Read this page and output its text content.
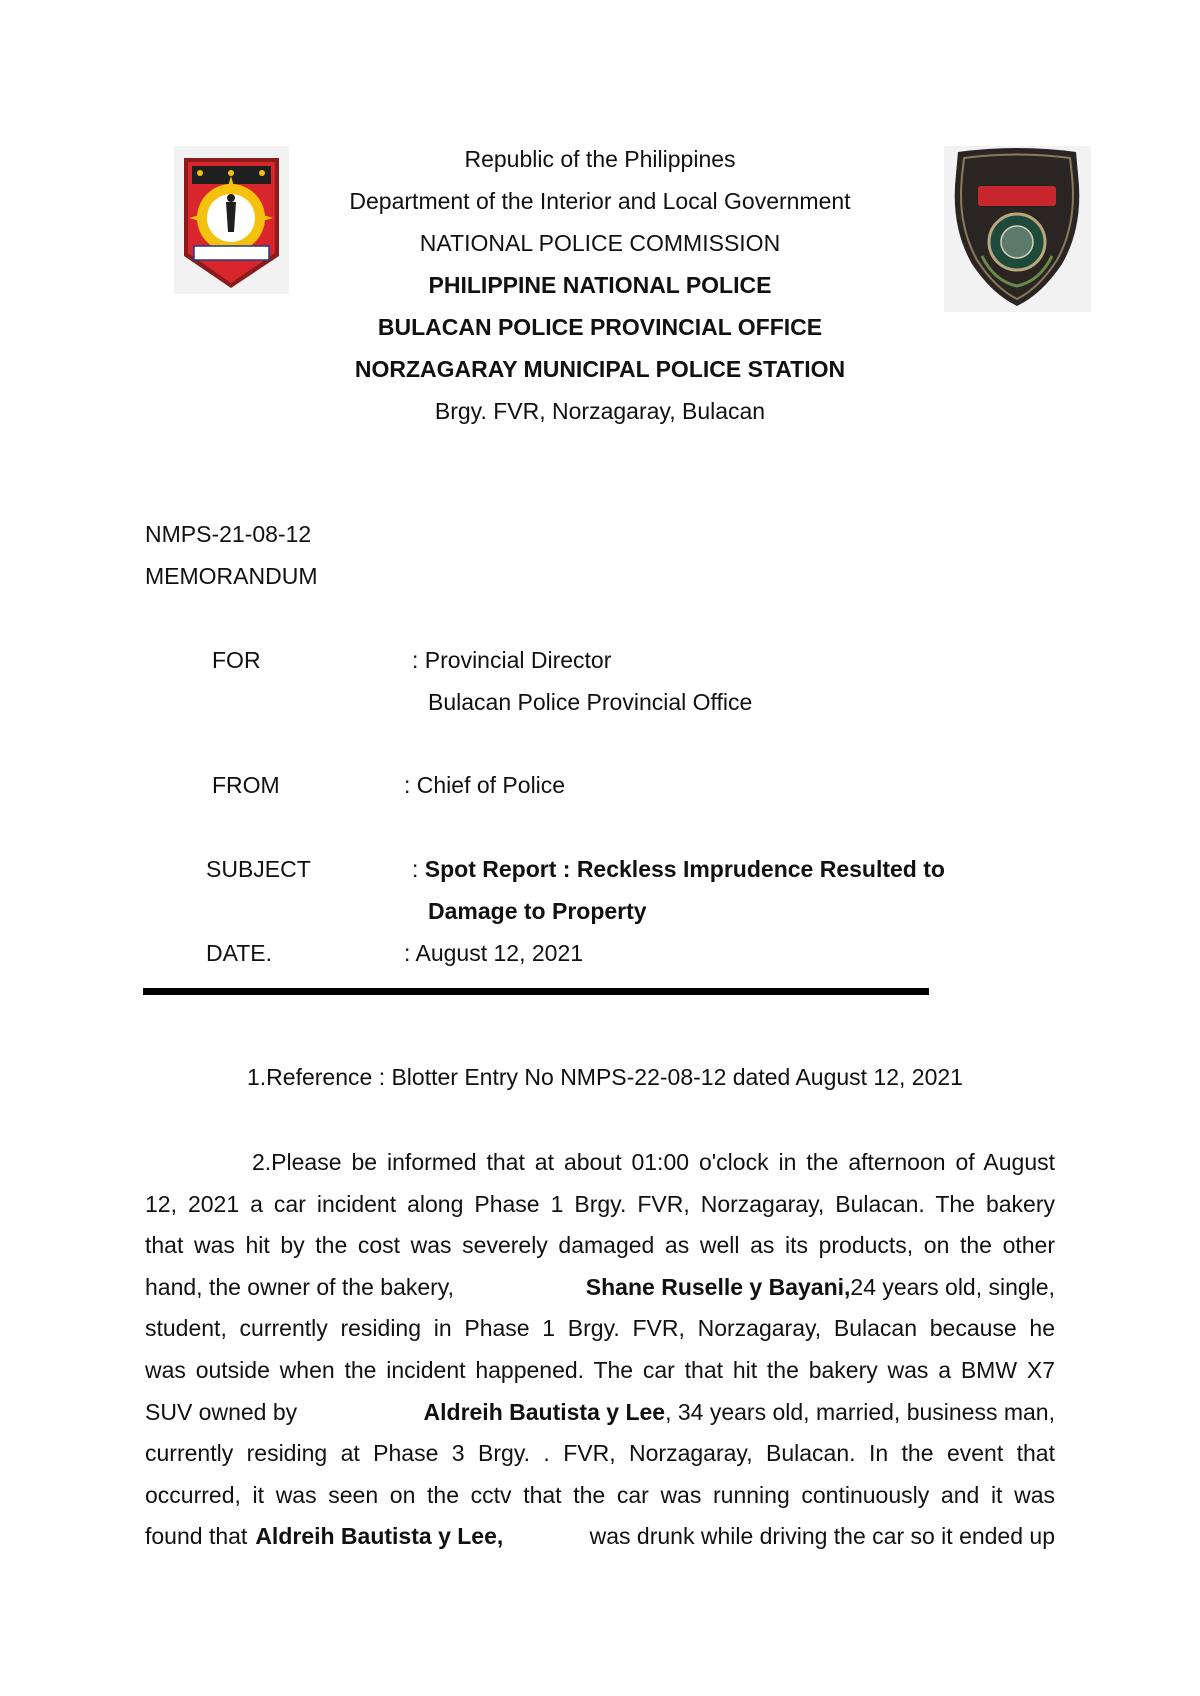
Republic of the Philippines
Department of the Interior and Local Government
NATIONAL POLICE COMMISSION
PHILIPPINE NATIONAL POLICE
BULACAN POLICE PROVINCIAL OFFICE
NORZAGARAY MUNICIPAL POLICE STATION
Brgy. FVR, Norzagaray, Bulacan
NMPS-21-08-12
MEMORANDUM
FOR	: Provincial Director
Bulacan Police Provincial Office
FROM	: Chief of Police
SUBJECT	: Spot Report : Reckless Imprudence Resulted to
Damage to Property
DATE.	: August 12, 2021
1.Reference : Blotter Entry No NMPS-22-08-12 dated August 12, 2021
2.Please be informed that at about 01:00 o'clock in the afternoon of August
12, 2021 a car incident along Phase 1 Brgy. FVR, Norzagaray, Bulacan. The bakery
that was hit by the cost was severely damaged as well as its products, on the other
hand, the owner of the bakery,	Shane Ruselle y Bayani, 24 years old, single,
student, currently residing in Phase 1 Brgy. FVR, Norzagaray, Bulacan because he
was outside when the incident happened. The car that hit the bakery was a BMW X7
SUV owned by	Aldreih Bautista y Lee , 34 years old, married, business man,
currently residing at Phase 3 Brgy. . FVR, Norzagaray, Bulacan. In the event that
occurred, it was seen on the cctv that the car was running continuously and it was
found that Aldreih Bautista y Lee,	was drunk while driving the car so it ended up
